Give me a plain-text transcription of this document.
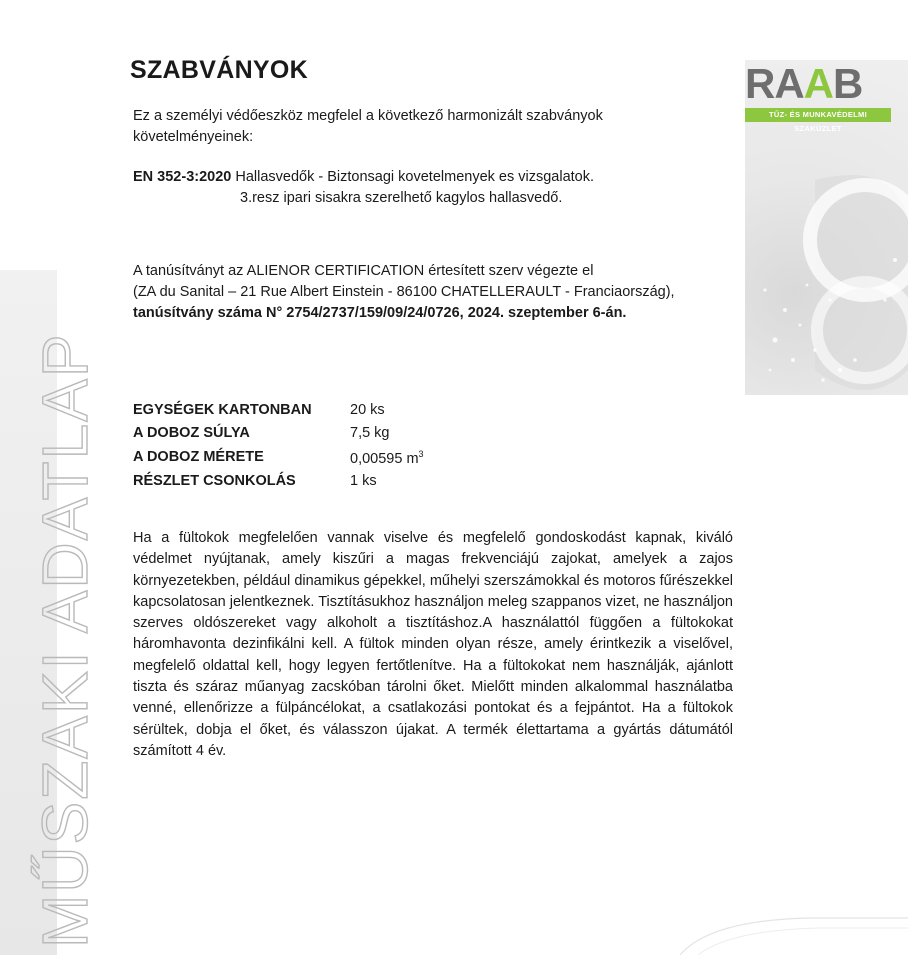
MŰSZAKI ADATLAP
RAAB
TŰZ- ÉS MUNKAVÉDELMI SZAKÜZLET
SZABVÁNYOK
Ez a személyi védőeszköz megfelel a következő harmonizált szabványok követelményeinek:
EN 352-3:2020 Hallasvedők - Biztonsagi kovetelmenyek es vizsgalatok.
3.resz ipari sisakra szerelhető kagylos hallasvedő.
A tanúsítványt az ALIENOR CERTIFICATION értesített szerv végezte el
(ZA du Sanital – 21 Rue Albert Einstein - 86100 CHATELLERAULT - Franciaország),
tanúsítvány száma N° 2754/2737/159/09/24/0726, 2024. szeptember 6-án.
EGYSÉGEK KARTONBAN	20 ks
A DOBOZ SÚLYA	7,5 kg
A DOBOZ MÉRETE	0,00595 $m^3$
RÉSZLET CSONKOLÁS	1 ks
Ha a fültokok megfelelően vannak viselve és megfelelő gondoskodást kapnak, kiváló védelmet nyújtanak, amely kiszűri a magas frekvenciájú zajokat, amelyek a zajos környezetekben, például dinamikus gépekkel, műhelyi szerszámokkal és motoros fűrészekkel kapcsolatosan jelentkeznek. Tisztításukhoz használjon meleg szappanos vizet, ne használjon szerves oldószereket vagy alkoholt a tisztításhoz.A használattól függően a fültokokat háromhavonta dezinfikálni kell. A fültok minden olyan része, amely érintkezik a viselővel, megfelelő oldattal kell, hogy legyen fertőtlenítve. Ha a fültokokat nem használják, ajánlott tiszta és száraz műanyag zacskóban tárolni őket. Mielőtt minden alkalommal használatba venné, ellenőrizze a fülpáncélokat, a csatlakozási pontokat és a fejpántot. Ha a fültokok sérültek, dobja el őket, és válasszon újakat. A termék élettartama a gyártás dátumától számított 4 év.
